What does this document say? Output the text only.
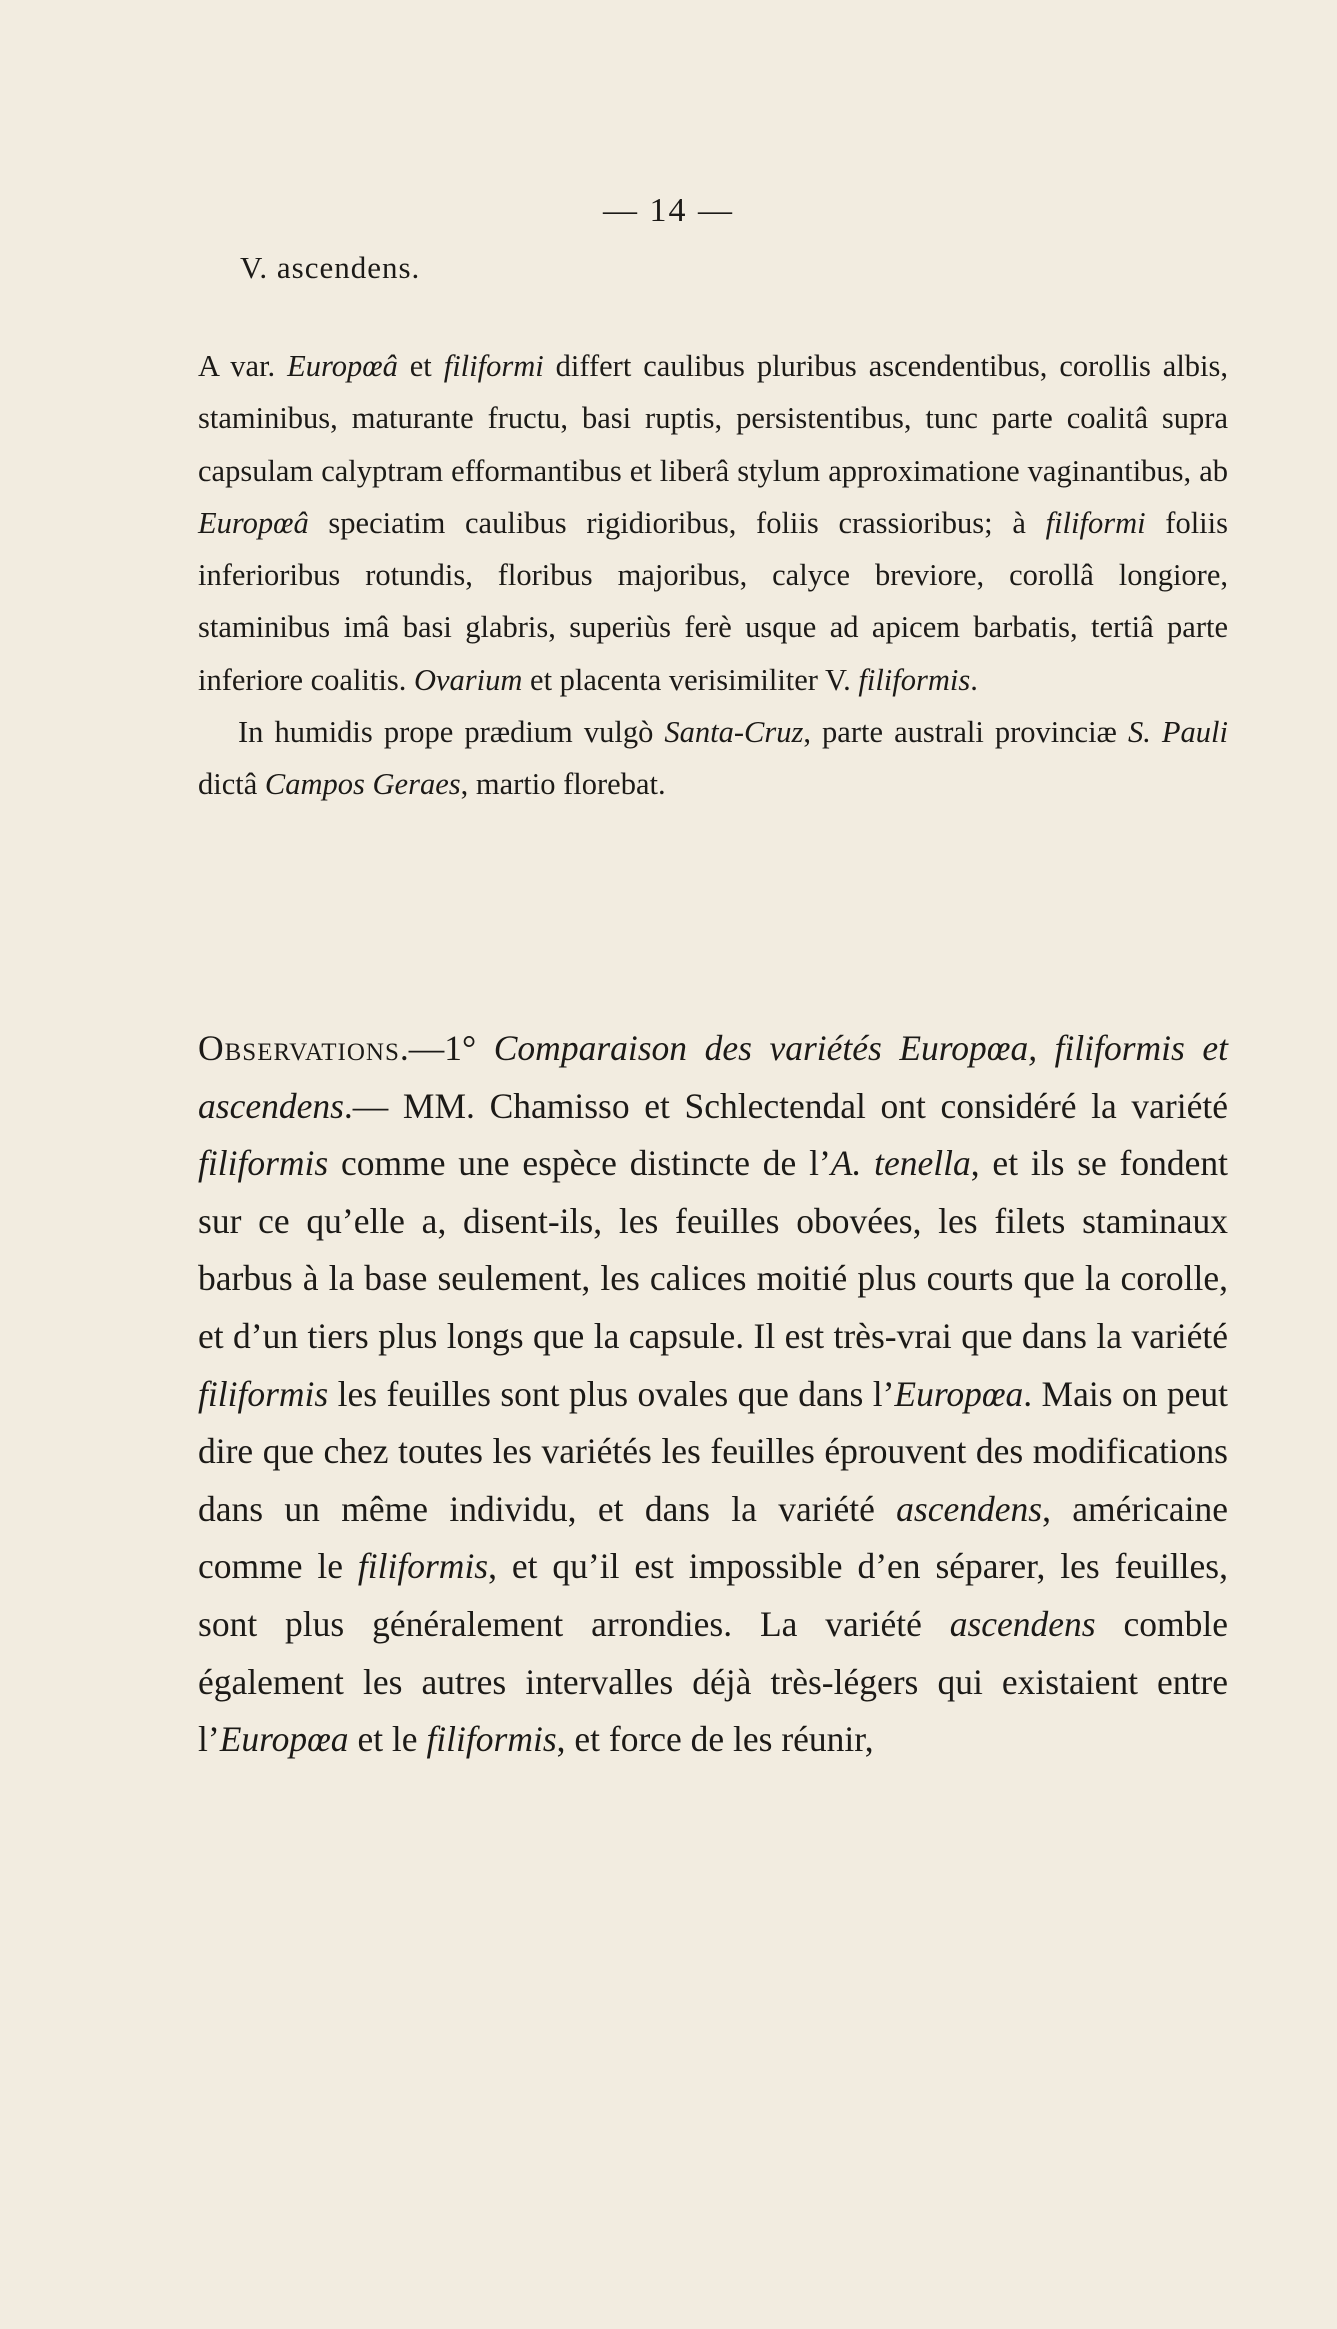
— 14 —
V. ascendens.

A var. Europœâ et filiformi differt caulibus pluribus ascendentibus, corollis albis, staminibus, maturante fructu, basi ruptis, persistentibus, tunc parte coalitâ supra capsulam calyptram efformantibus et liberâ stylum approximatione vaginantibus, ab Europœâ speciatim caulibus rigidioribus, foliis crassioribus; à filiformi foliis inferioribus rotundis, floribus majoribus, calyce breviore, corollâ longiore, staminibus imâ basi glabris, superiùs ferè usque ad apicem barbatis, tertiâ parte inferiore coalitis. Ovarium et placenta verisimiliter V. filiformis.

In humidis prope prædium vulgò Santa-Cruz, parte australi provinciæ S. Pauli dictâ Campos Geraes, martio florebat.

Observations.—1° Comparaison des variétés Europœa, filiformis et ascendens.— MM. Chamisso et Schlectendal ont considéré la variété filiformis comme une espèce distincte de l’A. tenella, et ils se fondent sur ce qu’elle a, disent-ils, les feuilles obovées, les filets staminaux barbus à la base seulement, les calices moitié plus courts que la corolle, et d’un tiers plus longs que la capsule. Il est très-vrai que dans la variété filiformis les feuilles sont plus ovales que dans l’Europœa. Mais on peut dire que chez toutes les variétés les feuilles éprouvent des modifications dans un même individu, et dans la variété ascendens, américaine comme le filiformis, et qu’il est impossible d’en séparer, les feuilles, sont plus généralement arrondies. La variété ascendens comble également les autres intervalles déjà très-légers qui existaient entre l’Europœa et le filiformis, et force de les réunir,
